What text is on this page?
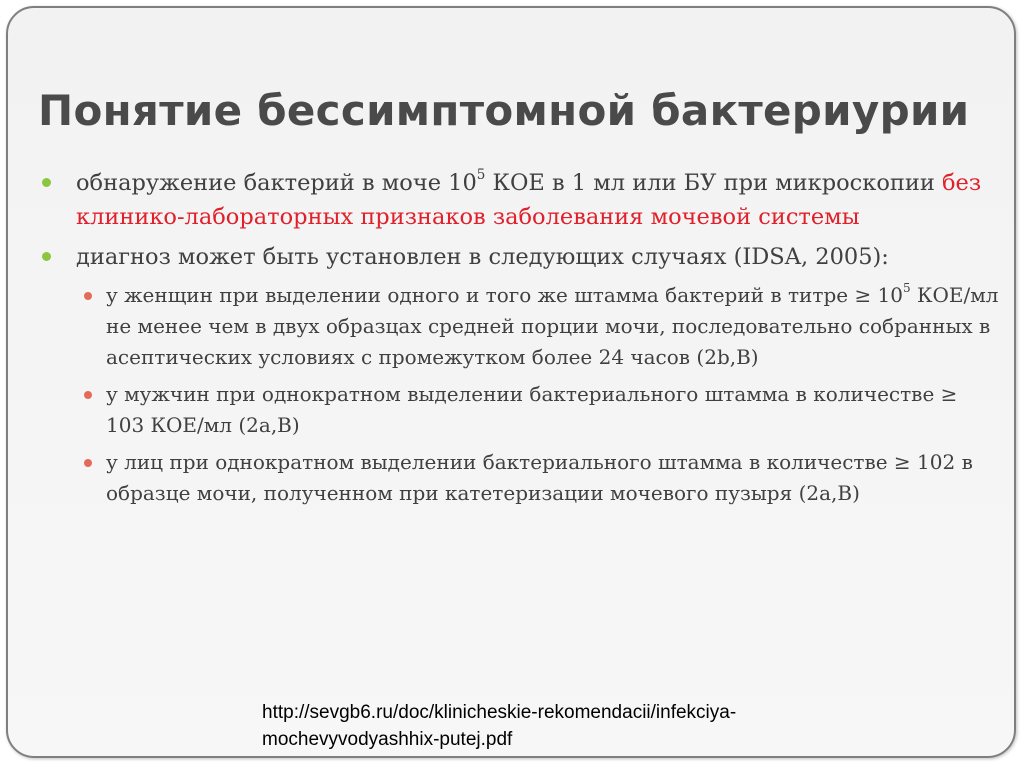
Понятие бессимптомной бактериурии
обнаружение бактерий в моче $10^5$ КОЕ в 1 мл или БУ при микроскопии без клинико-лабораторных признаков заболевания мочевой системы
диагноз может быть установлен в следующих случаях (IDSA, 2005):
у женщин при выделении одного и того же штамма бактерий в титре ≥ $10^5$ КОЕ/мл не менее чем в двух образцах средней порции мочи, последовательно собранных в асептических условиях с промежутком более 24 часов (2b,B)
у мужчин при однократном выделении бактериального штамма в количестве ≥ 103 КОЕ/мл (2a,B)
у лиц при однократном выделении бактериального штамма в количестве ≥ 102 в образце мочи, полученном при катетеризации мочевого пузыря (2a,B)
http://sevgb6.ru/doc/klinicheskie-rekomendacii/infekciya-
mochevyvodyashhix-putej.pdf
